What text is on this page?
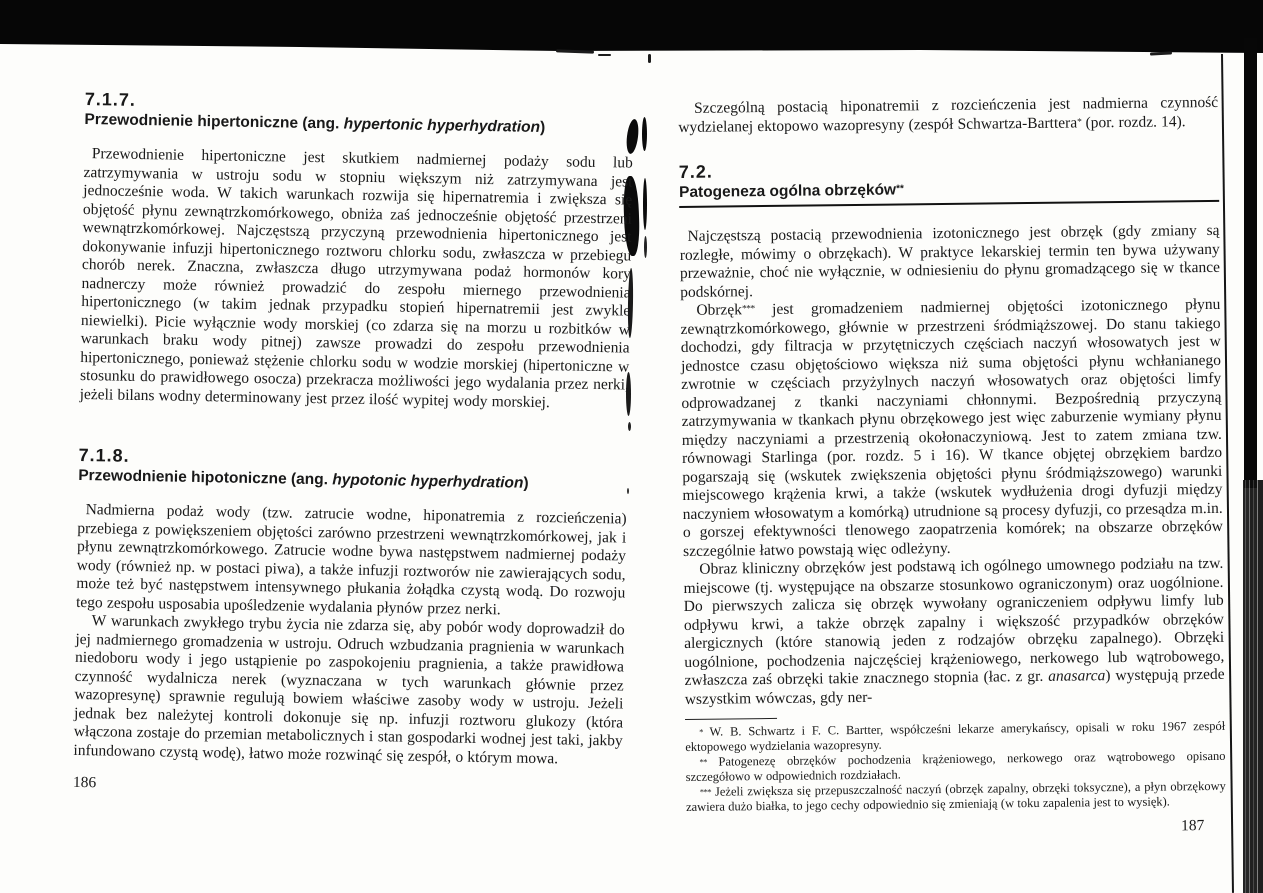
7.1.7.
Przewodnienie hipertoniczne (ang. hypertonic hyperhydration)

Przewodnienie hipertoniczne jest skutkiem nadmiernej podaży sodu lub zatrzymywania w ustroju sodu w stopniu większym niż zatrzymywana jest jednocześnie woda. W takich warunkach rozwija się hipernatremia i zwiększa się objętość płynu zewnątrzkomórkowego, obniża zaś jednocześnie objętość przestrzeni wewnątrzkomórkowej. Najczęstszą przyczyną przewodnienia hipertonicznego jest dokonywanie infuzji hipertonicznego roztworu chlorku sodu, zwłaszcza w przebiegu chorób nerek. Znaczna, zwłaszcza długo utrzymywana podaż hormonów kory nadnerczy może również prowadzić do zespołu miernego przewodnienia hipertonicznego (w takim jednak przypadku stopień hipernatremii jest zwykle niewielki). Picie wyłącznie wody morskiej (co zdarza się na morzu u rozbitków w warunkach braku wody pitnej) zawsze prowadzi do zespołu przewodnienia hipertonicznego, ponieważ stężenie chlorku sodu w wodzie morskiej (hipertoniczne w stosunku do prawidłowego osocza) przekracza możliwości jego wydalania przez nerki, jeżeli bilans wodny determinowany jest przez ilość wypitej wody morskiej.

7.1.8.
Przewodnienie hipotoniczne (ang. hypotonic hyperhydration)

Nadmierna podaż wody (tzw. zatrucie wodne, hiponatremia z rozcieńczenia) przebiega z powiększeniem objętości zarówno przestrzeni wewnątrzkomórkowej, jak i płynu zewnątrzkomórkowego. Zatrucie wodne bywa następstwem nadmiernej podaży wody (również np. w postaci piwa), a także infuzji roztworów nie zawierających sodu, może też być następstwem intensywnego płukania żołądka czystą wodą. Do rozwoju tego zespołu usposabia upośledzenie wydalania płynów przez nerki.

W warunkach zwykłego trybu życia nie zdarza się, aby pobór wody doprowadził do jej nadmiernego gromadzenia w ustroju. Odruch wzbudzania pragnienia w warunkach niedoboru wody i jego ustąpienie po zaspokojeniu pragnienia, a także prawidłowa czynność wydalnicza nerek (wyznaczana w tych warunkach głównie przez wazopresynę) sprawnie regulują bowiem właściwe zasoby wody w ustroju. Jeżeli jednak bez należytej kontroli dokonuje się np. infuzji roztworu glukozy (która włączona zostaje do przemian metabolicznych i stan gospodarki wodnej jest taki, jakby infundowano czystą wodę), łatwo może rozwinąć się zespół, o którym mowa.

186

Szczególną postacią hiponatremii z rozcieńczenia jest nadmierna czynność wydzielanej ektopowo wazopresyny (zespół Schwartza-Barttera* (por. rozdz. 14).

7.2.
Patogeneza ogólna obrzęków**

Najczęstszą postacią przewodnienia izotonicznego jest obrzęk (gdy zmiany są rozległe, mówimy o obrzękach). W praktyce lekarskiej termin ten bywa używany przeważnie, choć nie wyłącznie, w odniesieniu do płynu gromadzącego się w tkance podskórnej.

Obrzęk*** jest gromadzeniem nadmiernej objętości izotonicznego płynu zewnątrzkomórkowego, głównie w przestrzeni śródmiąższowej. Do stanu takiego dochodzi, gdy filtracja w przytętniczych częściach naczyń włosowatych jest w jednostce czasu objętościowo większa niż suma objętości płynu wchłanianego zwrotnie w częściach przyżylnych naczyń włosowatych oraz objętości limfy odprowadzanej z tkanki naczyniami chłonnymi. Bezpośrednią przyczyną zatrzymywania w tkankach płynu obrzękowego jest więc zaburzenie wymiany płynu między naczyniami a przestrzenią okołonaczyniową. Jest to zatem zmiana tzw. równowagi Starlinga (por. rozdz. 5 i 16). W tkance objętej obrzękiem bardzo pogarszają się (wskutek zwiększenia objętości płynu śródmiąższowego) warunki miejscowego krążenia krwi, a także (wskutek wydłużenia drogi dyfuzji między naczyniem włosowatym a komórką) utrudnione są procesy dyfuzji, co przesądza m.in. o gorszej efektywności tlenowego zaopatrzenia komórek; na obszarze obrzęków szczególnie łatwo powstają więc odleżyny.

Obraz kliniczny obrzęków jest podstawą ich ogólnego umownego podziału na tzw. miejscowe (tj. występujące na obszarze stosunkowo ograniczonym) oraz uogólnione. Do pierwszych zalicza się obrzęk wywołany ograniczeniem odpływu limfy lub odpływu krwi, a także obrzęk zapalny i większość przypadków obrzęków alergicznych (które stanowią jeden z rodzajów obrzęku zapalnego). Obrzęki uogólnione, pochodzenia najczęściej krążeniowego, nerkowego lub wątrobowego, zwłaszcza zaś obrzęki takie znacznego stopnia (łac. z gr. anasarca) występują przede wszystkim wówczas, gdy ner-

* W. B. Schwartz i F. C. Bartter, współcześni lekarze amerykańscy, opisali w roku 1967 zespół ektopowego wydzielania wazopresyny.

** Patogenezę obrzęków pochodzenia krążeniowego, nerkowego oraz wątrobowego opisano szczegółowo w odpowiednich rozdziałach.

*** Jeżeli zwiększa się przepuszczalność naczyń (obrzęk zapalny, obrzęki toksyczne), a płyn obrzękowy zawiera dużo białka, to jego cechy odpowiednio się zmieniają (w toku zapalenia jest to wysięk).

187
